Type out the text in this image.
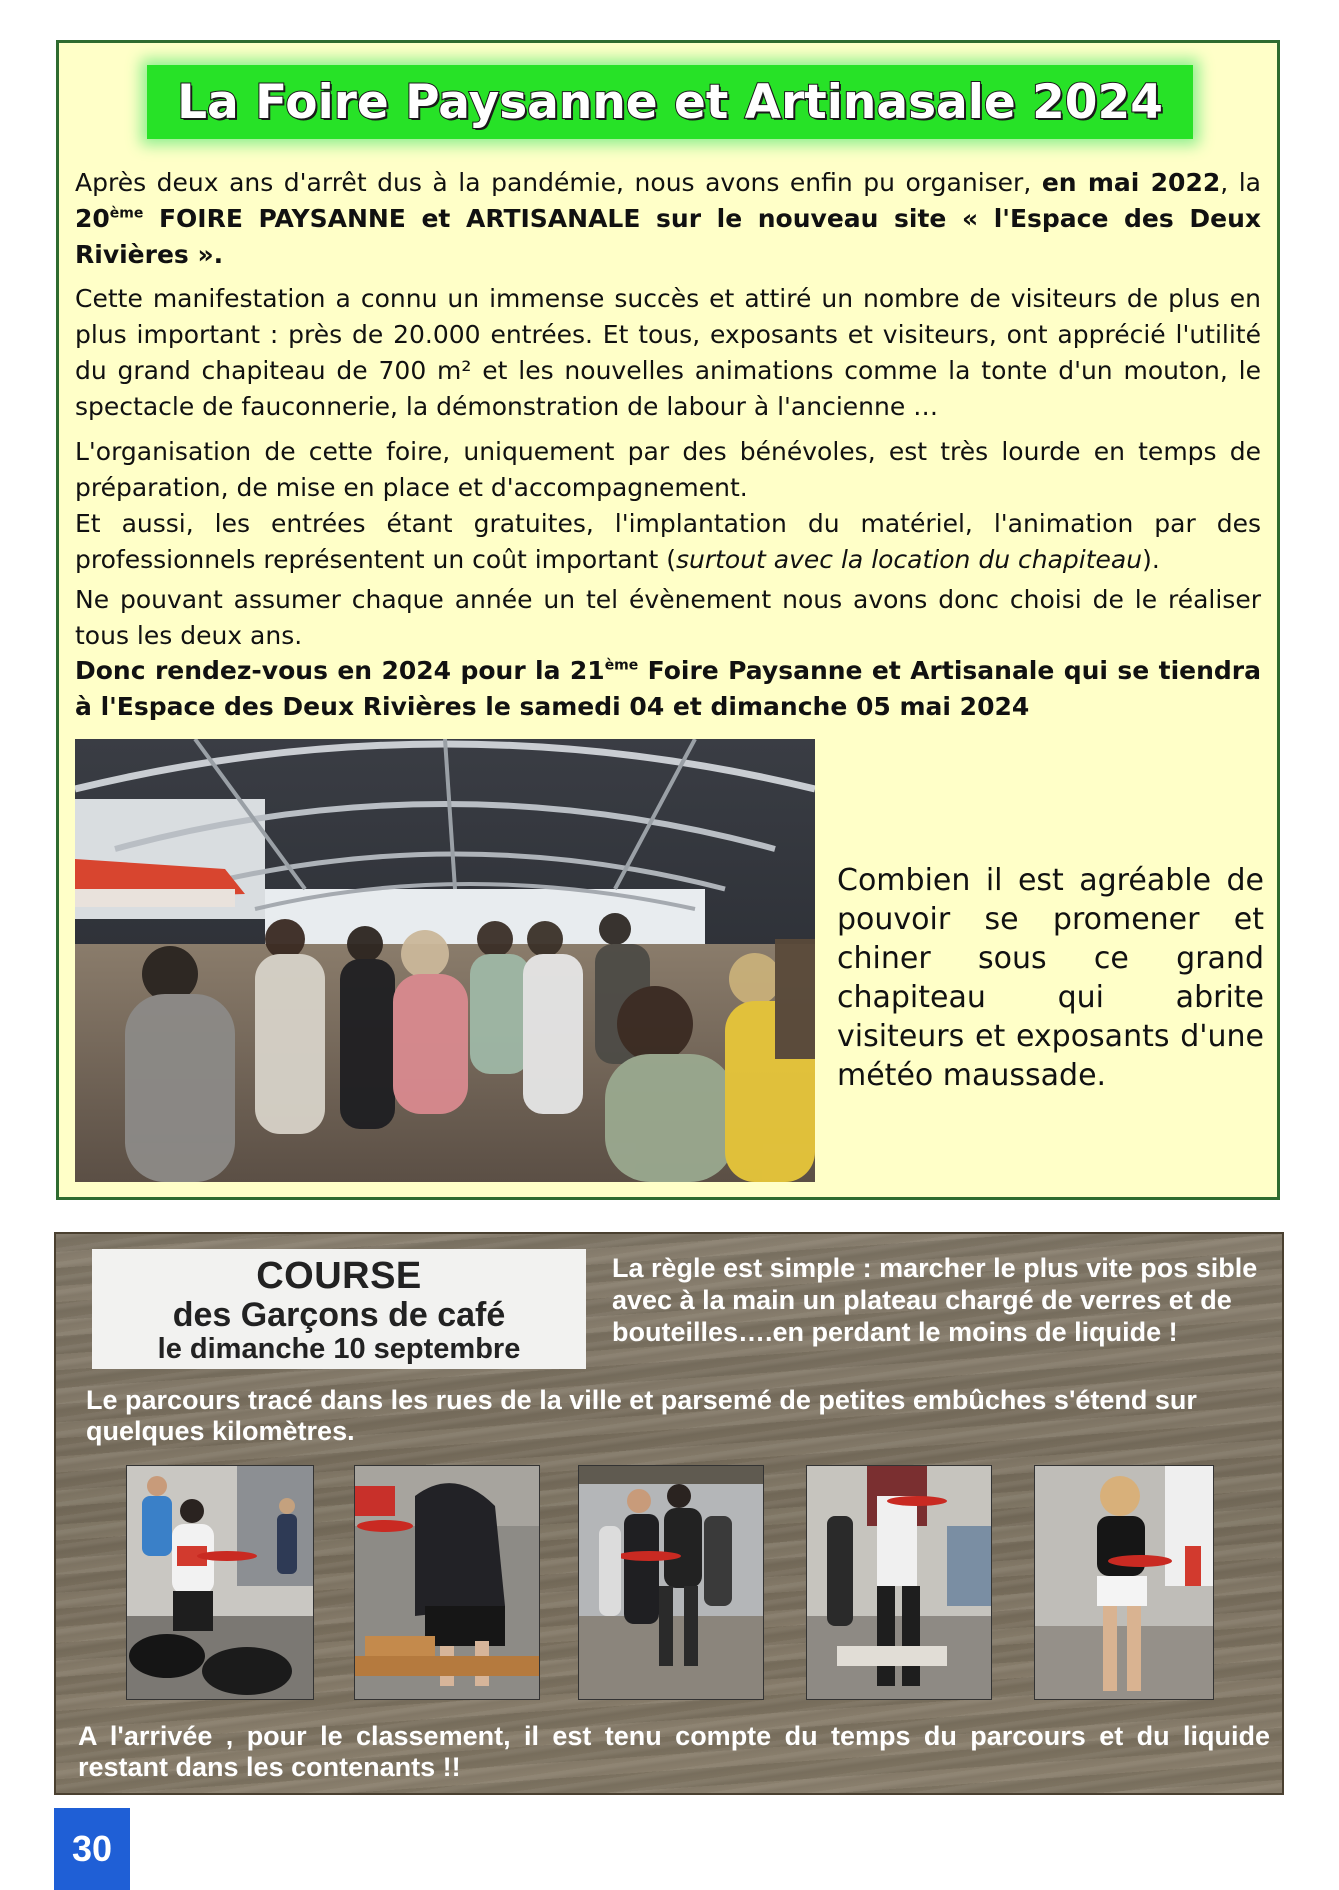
La Foire Paysanne et Artinasale 2024

Après deux ans d'arrêt dus à la pandémie, nous avons enfin pu organiser, en mai 2022, la 20ème FOIRE PAYSANNE et ARTISANALE sur le nouveau site « l'Espace des Deux Rivières ».

Cette manifestation a connu un immense succès et attiré un nombre de visiteurs de plus en plus important : près de 20.000 entrées. Et tous, exposants et visiteurs, ont apprécié l'utilité du grand chapiteau de 700 m² et les nouvelles animations comme la tonte d'un mouton, le spectacle de fauconnerie, la démonstration de labour à l'ancienne …

L'organisation de cette foire, uniquement par des bénévoles, est très lourde en temps de préparation, de mise en place et d'accompagnement.

Et aussi, les entrées étant gratuites, l'implantation du matériel, l'animation par des professionnels représentent un coût important (surtout avec la location du chapiteau).

Ne pouvant assumer chaque année un tel évènement nous avons donc choisi de le réaliser tous les deux ans.

Donc rendez-vous en 2024 pour la 21ème Foire Paysanne et Artisanale qui se tiendra à l'Espace des Deux Rivières le samedi 04 et dimanche 05 mai 2024

Combien il est agréable de pouvoir se promener et chiner sous ce grand chapiteau qui abrite visiteurs et exposants d'une météo maussade.
COURSE
des Garçons de café
le dimanche 10 septembre
La règle est simple : marcher le plus vite pos sible avec à la main un plateau chargé de verres et de bouteilles….en perdant le moins de liquide !
Le parcours tracé dans les rues de la ville et parsemé de petites embûches s'étend sur quelques kilomètres.
A l'arrivée , pour le classement, il est tenu compte du temps du parcours et du liquide restant dans les contenants !!
30
